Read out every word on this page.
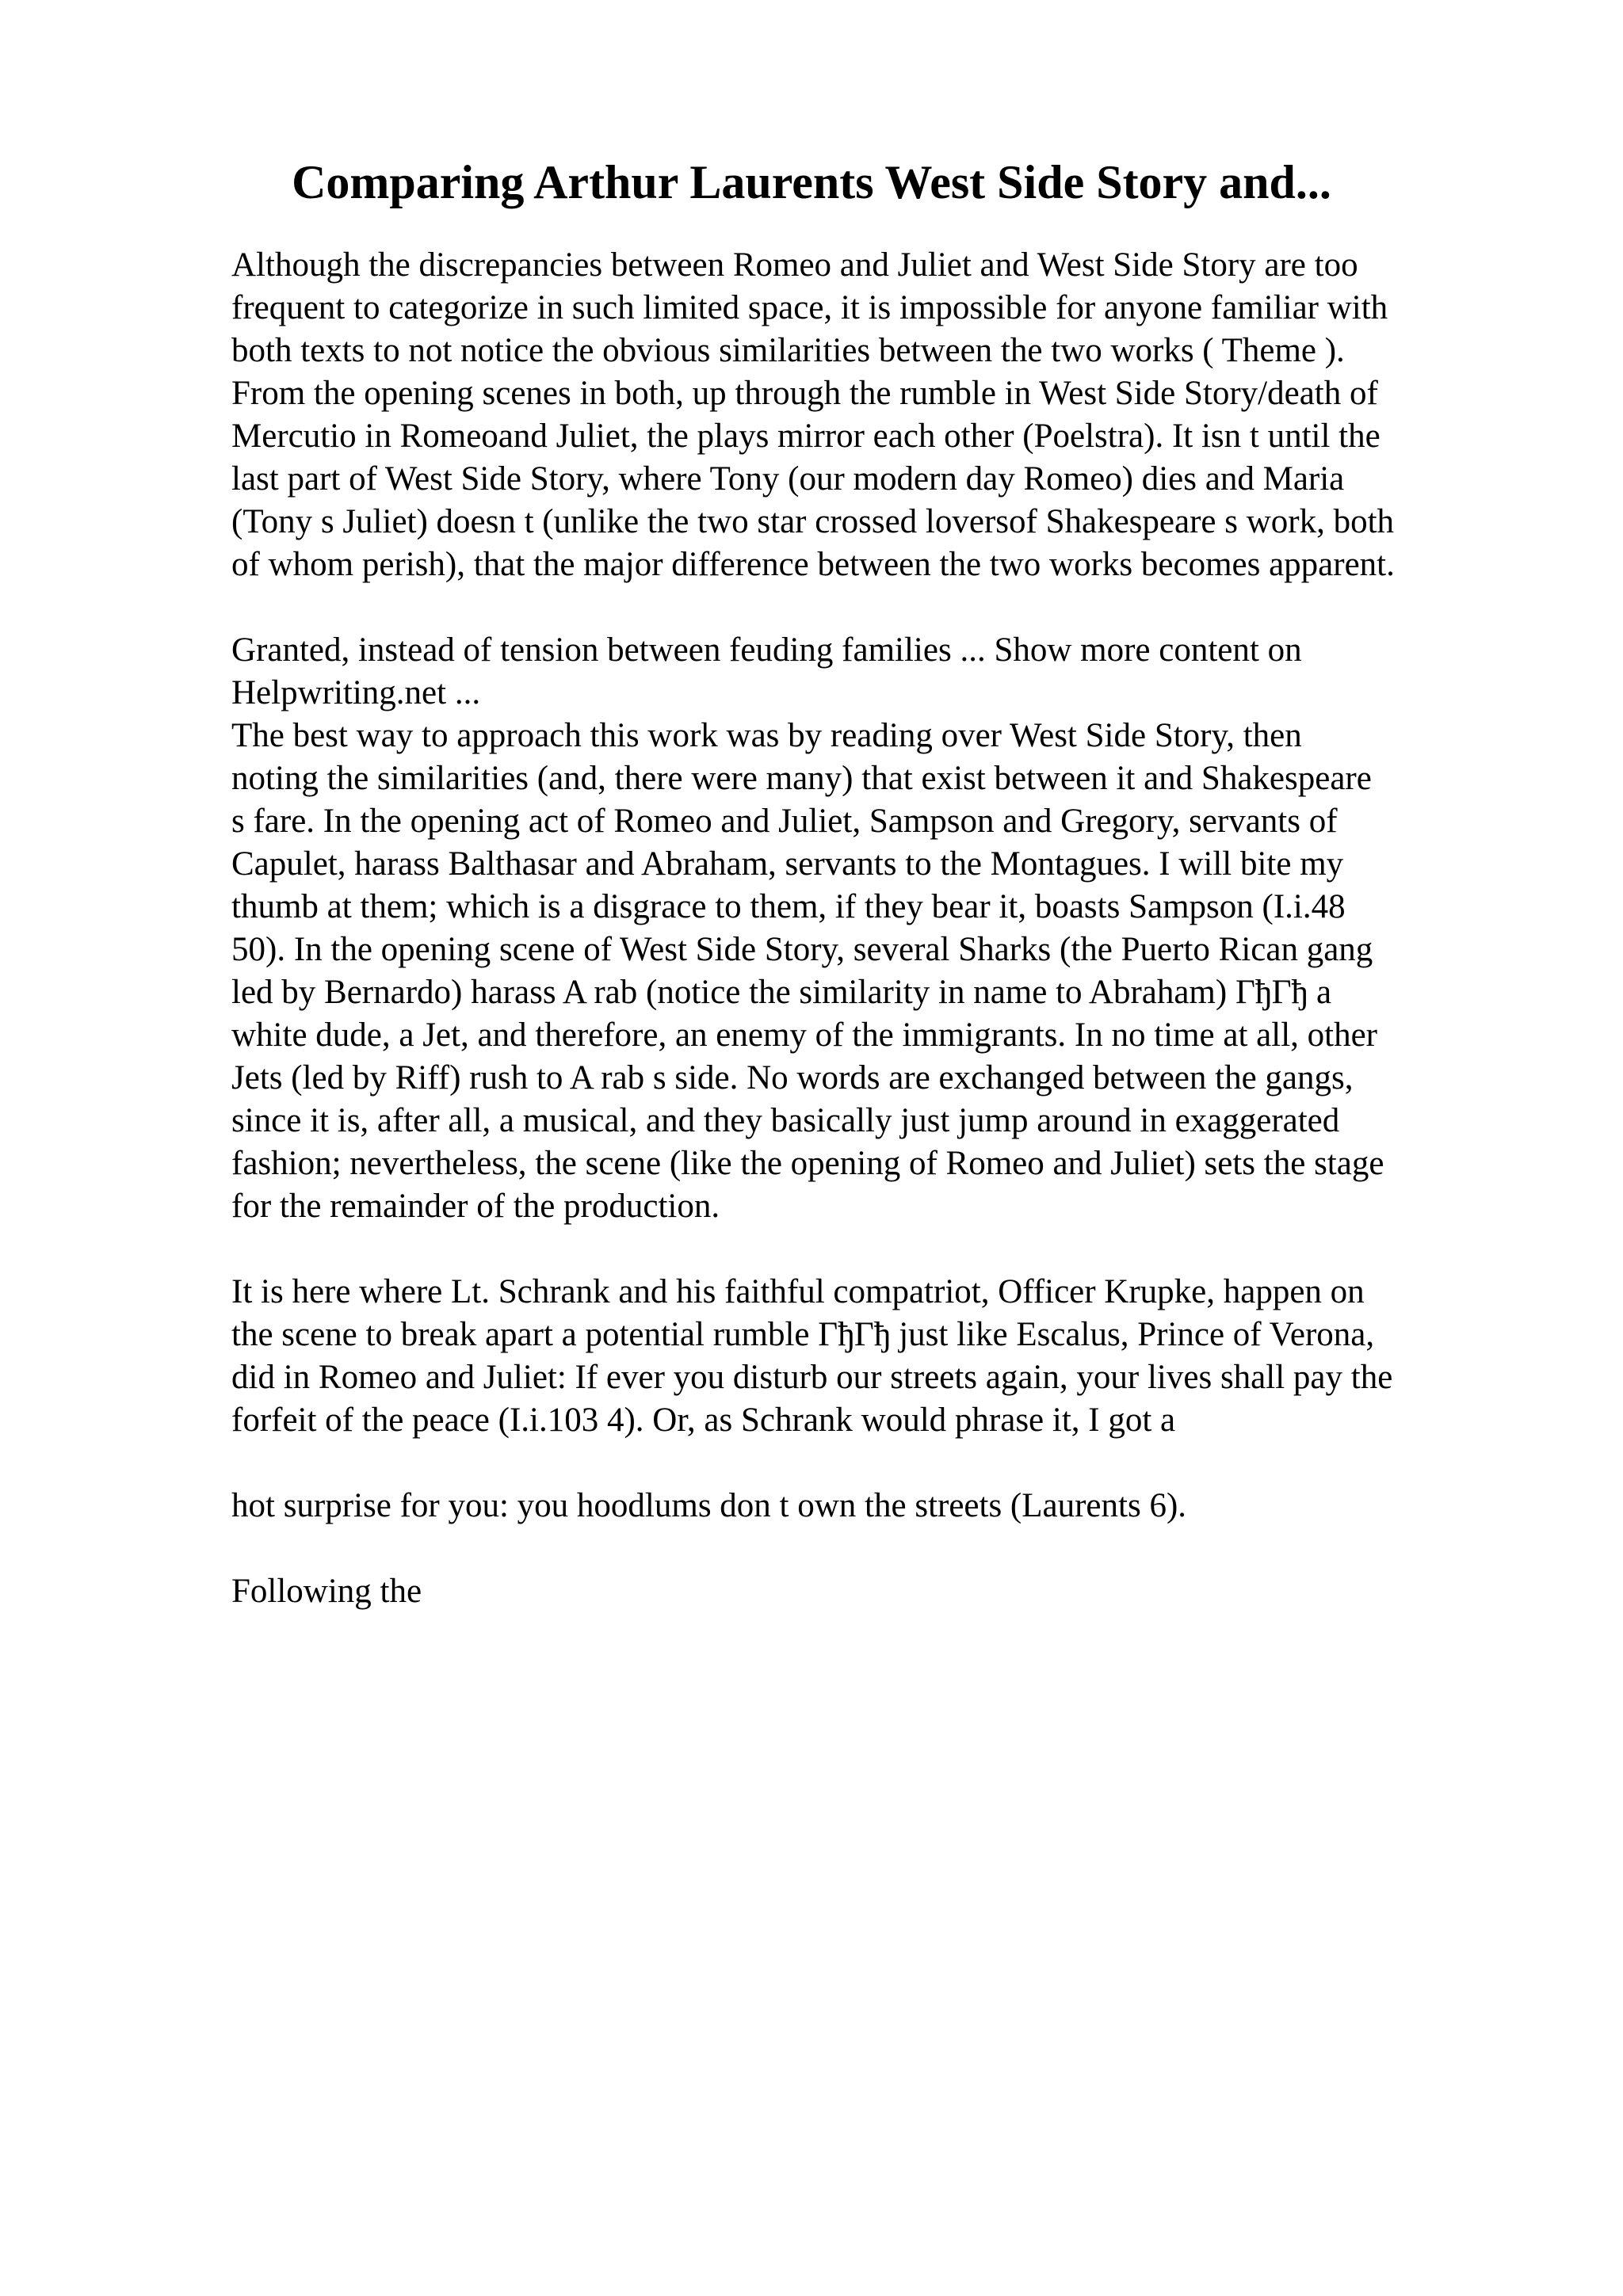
Comparing Arthur Laurents West Side Story and...

Although the discrepancies between Romeo and Juliet and West Side Story are too
frequent to categorize in such limited space, it is impossible for anyone familiar with
both texts to not notice the obvious similarities between the two works ( Theme ).
From the opening scenes in both, up through the rumble in West Side Story/death of
Mercutio in Romeoand Juliet, the plays mirror each other (Poelstra). It isn t until the
last part of West Side Story, where Tony (our modern day Romeo) dies and Maria
(Tony s Juliet) doesn t (unlike the two star crossed loversof Shakespeare s work, both
of whom perish), that the major difference between the two works becomes apparent.

Granted, instead of tension between feuding families ... Show more content on
Helpwriting.net ...

The best way to approach this work was by reading over West Side Story, then
noting the similarities (and, there were many) that exist between it and Shakespeare
s fare. In the opening act of Romeo and Juliet, Sampson and Gregory, servants of
Capulet, harass Balthasar and Abraham, servants to the Montagues. I will bite my
thumb at them; which is a disgrace to them, if they bear it, boasts Sampson (I.i.48
50). In the opening scene of West Side Story, several Sharks (the Puerto Rican gang
led by Bernardo) harass A rab (notice the similarity in name to Abraham) ГђГђ a
white dude, a Jet, and therefore, an enemy of the immigrants. In no time at all, other
Jets (led by Riff) rush to A rab s side. No words are exchanged between the gangs,
since it is, after all, a musical, and they basically just jump around in exaggerated
fashion; nevertheless, the scene (like the opening of Romeo and Juliet) sets the stage
for the remainder of the production.

It is here where Lt. Schrank and his faithful compatriot, Officer Krupke, happen on
the scene to break apart a potential rumble ГђГђ just like Escalus, Prince of Verona,
did in Romeo and Juliet: If ever you disturb our streets again, your lives shall pay the
forfeit of the peace (I.i.103 4). Or, as Schrank would phrase it, I got a

hot surprise for you: you hoodlums don t own the streets (Laurents 6).

Following the
